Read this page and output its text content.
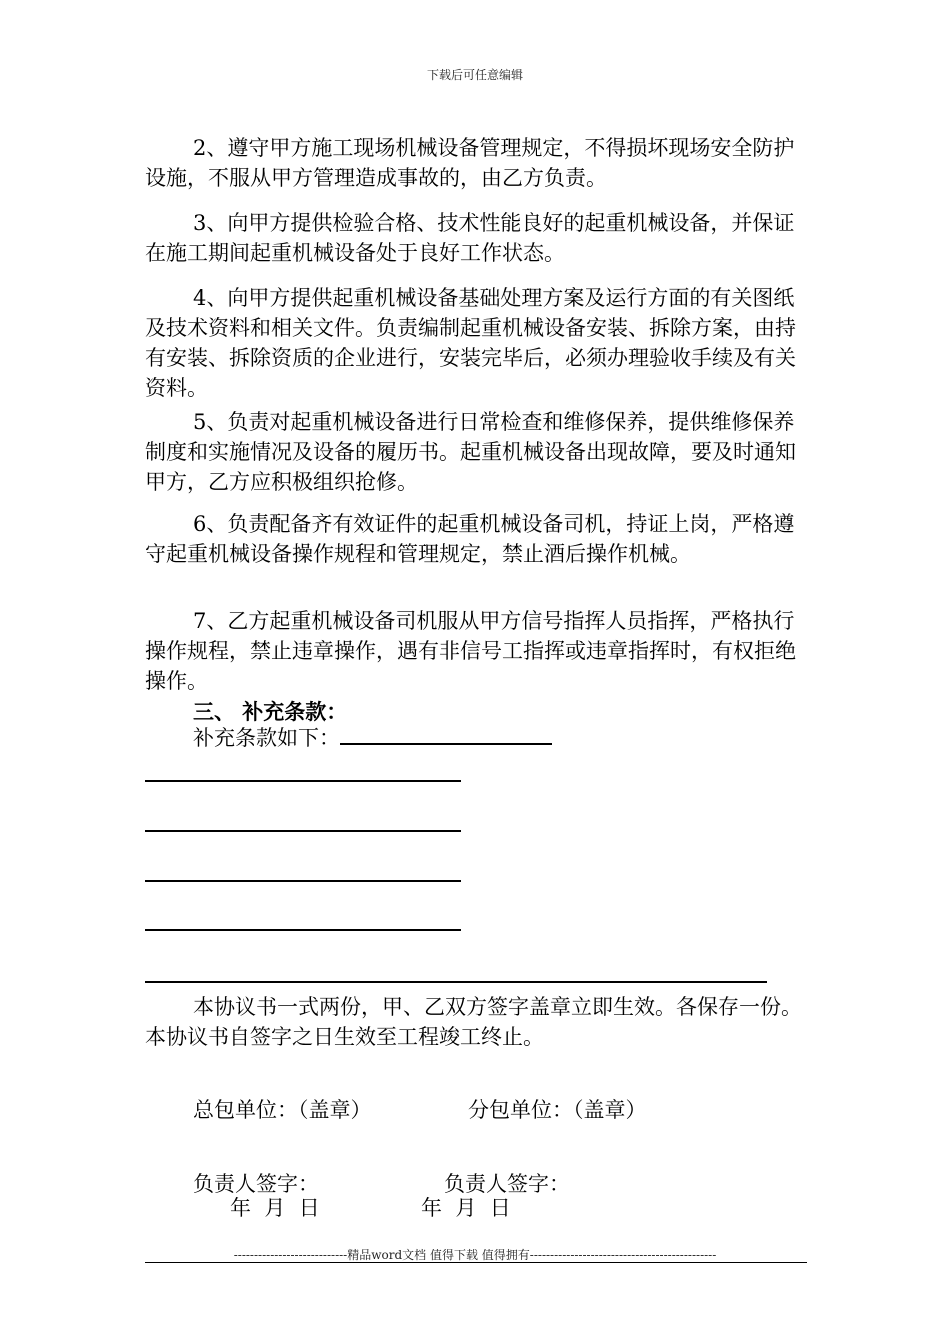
下载后可任意编辑

2、遵守甲方施工现场机械设备管理规定，不得损坏现场安全防护设施，不服从甲方管理造成事故的，由乙方负责。

3、向甲方提供检验合格、技术性能良好的起重机械设备，并保证在施工期间起重机械设备处于良好工作状态。

4、向甲方提供起重机械设备基础处理方案及运行方面的有关图纸及技术资料和相关文件。负责编制起重机械设备安装、拆除方案，由持有安装、拆除资质的企业进行，安装完毕后，必须办理验收手续及有关资料。

5、负责对起重机械设备进行日常检查和维修保养，提供维修保养制度和实施情况及设备的履历书。起重机械设备出现故障，要及时通知甲方，乙方应积极组织抢修。

6、负责配备齐有效证件的起重机械设备司机，持证上岗，严格遵守起重机械设备操作规程和管理规定，禁止酒后操作机械。

7、乙方起重机械设备司机服从甲方信号指挥人员指挥，严格执行操作规程，禁止违章操作，遇有非信号工指挥或违章指挥时，有权拒绝操作。

三、 补充条款：
补充条款如下：

本协议书一式两份，甲、乙双方签字盖章立即生效。各保存一份。本协议书自签字之日生效至工程竣工终止。

总包单位：（盖章）	分包单位：（盖章）
负责人签字：	负责人签字：
年  月  日	年  月  日
----------------------------精品word文档 值得下载 值得拥有----------------------------------------------
